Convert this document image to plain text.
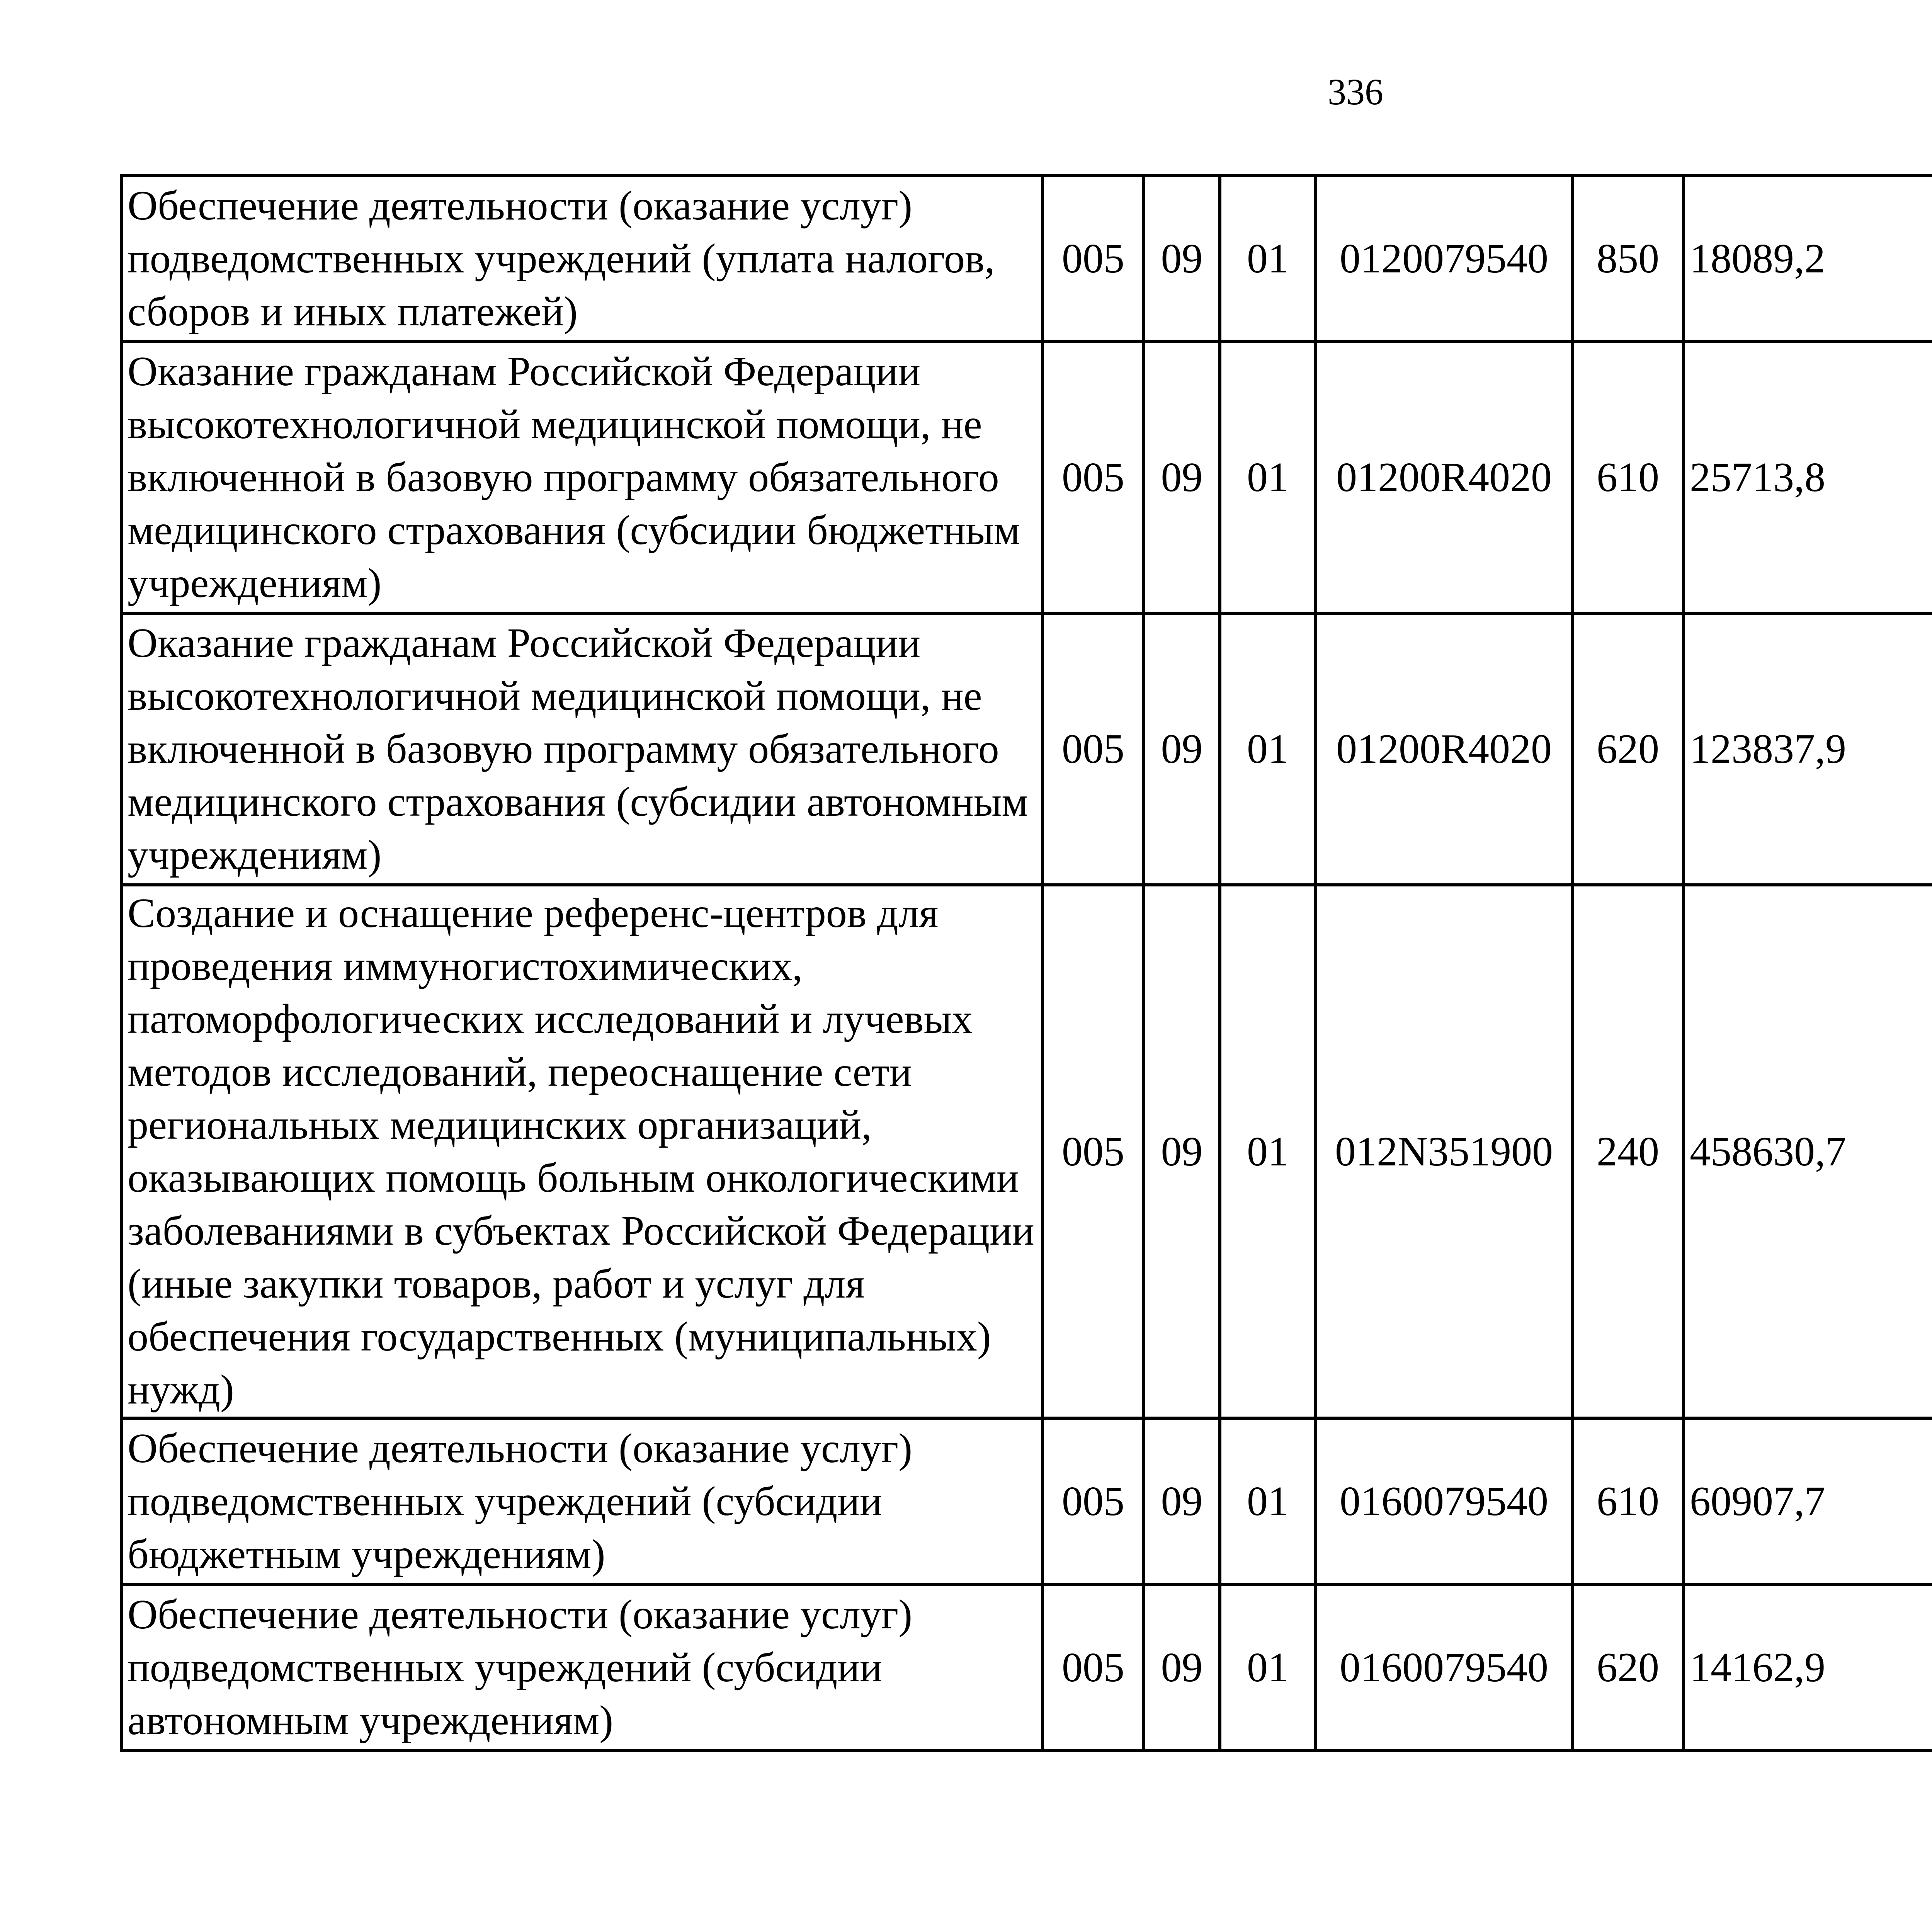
336
Обеспечение деятельности (оказание услуг) подведомственных учреждений (уплата налогов, сборов и иных платежей)	005	09	01	0120079540	850	18089,2		
Оказание гражданам Российской Федерации высокотехнологичной медицинской помощи, не включенной в базовую программу обязательного медицинского страхования (субсидии бюджетным учреждениям)	005	09	01	01200R4020	610	25713,8		
Оказание гражданам Российской Федерации высокотехнологичной медицинской помощи, не включенной в базовую программу обязательного медицинского страхования (субсидии автономным учреждениям)	005	09	01	01200R4020	620	123837,9		
Создание и оснащение референс-центров для проведения иммуногистохимических, патоморфологических исследований и лучевых методов исследований, переоснащение сети региональных медицинских организаций, оказывающих помощь больным онкологическими заболеваниями в субъектах Российской Федерации (иные закупки товаров, работ и услуг для обеспечения государственных (муниципальных) нужд)	005	09	01	012N351900	240	458630,7		
Обеспечение деятельности (оказание услуг) подведомственных учреждений (субсидии бюджетным учреждениям)	005	09	01	0160079540	610	60907,7		
Обеспечение деятельности (оказание услуг) подведомственных учреждений (субсидии автономным учреждениям)	005	09	01	0160079540	620	14162,9		
